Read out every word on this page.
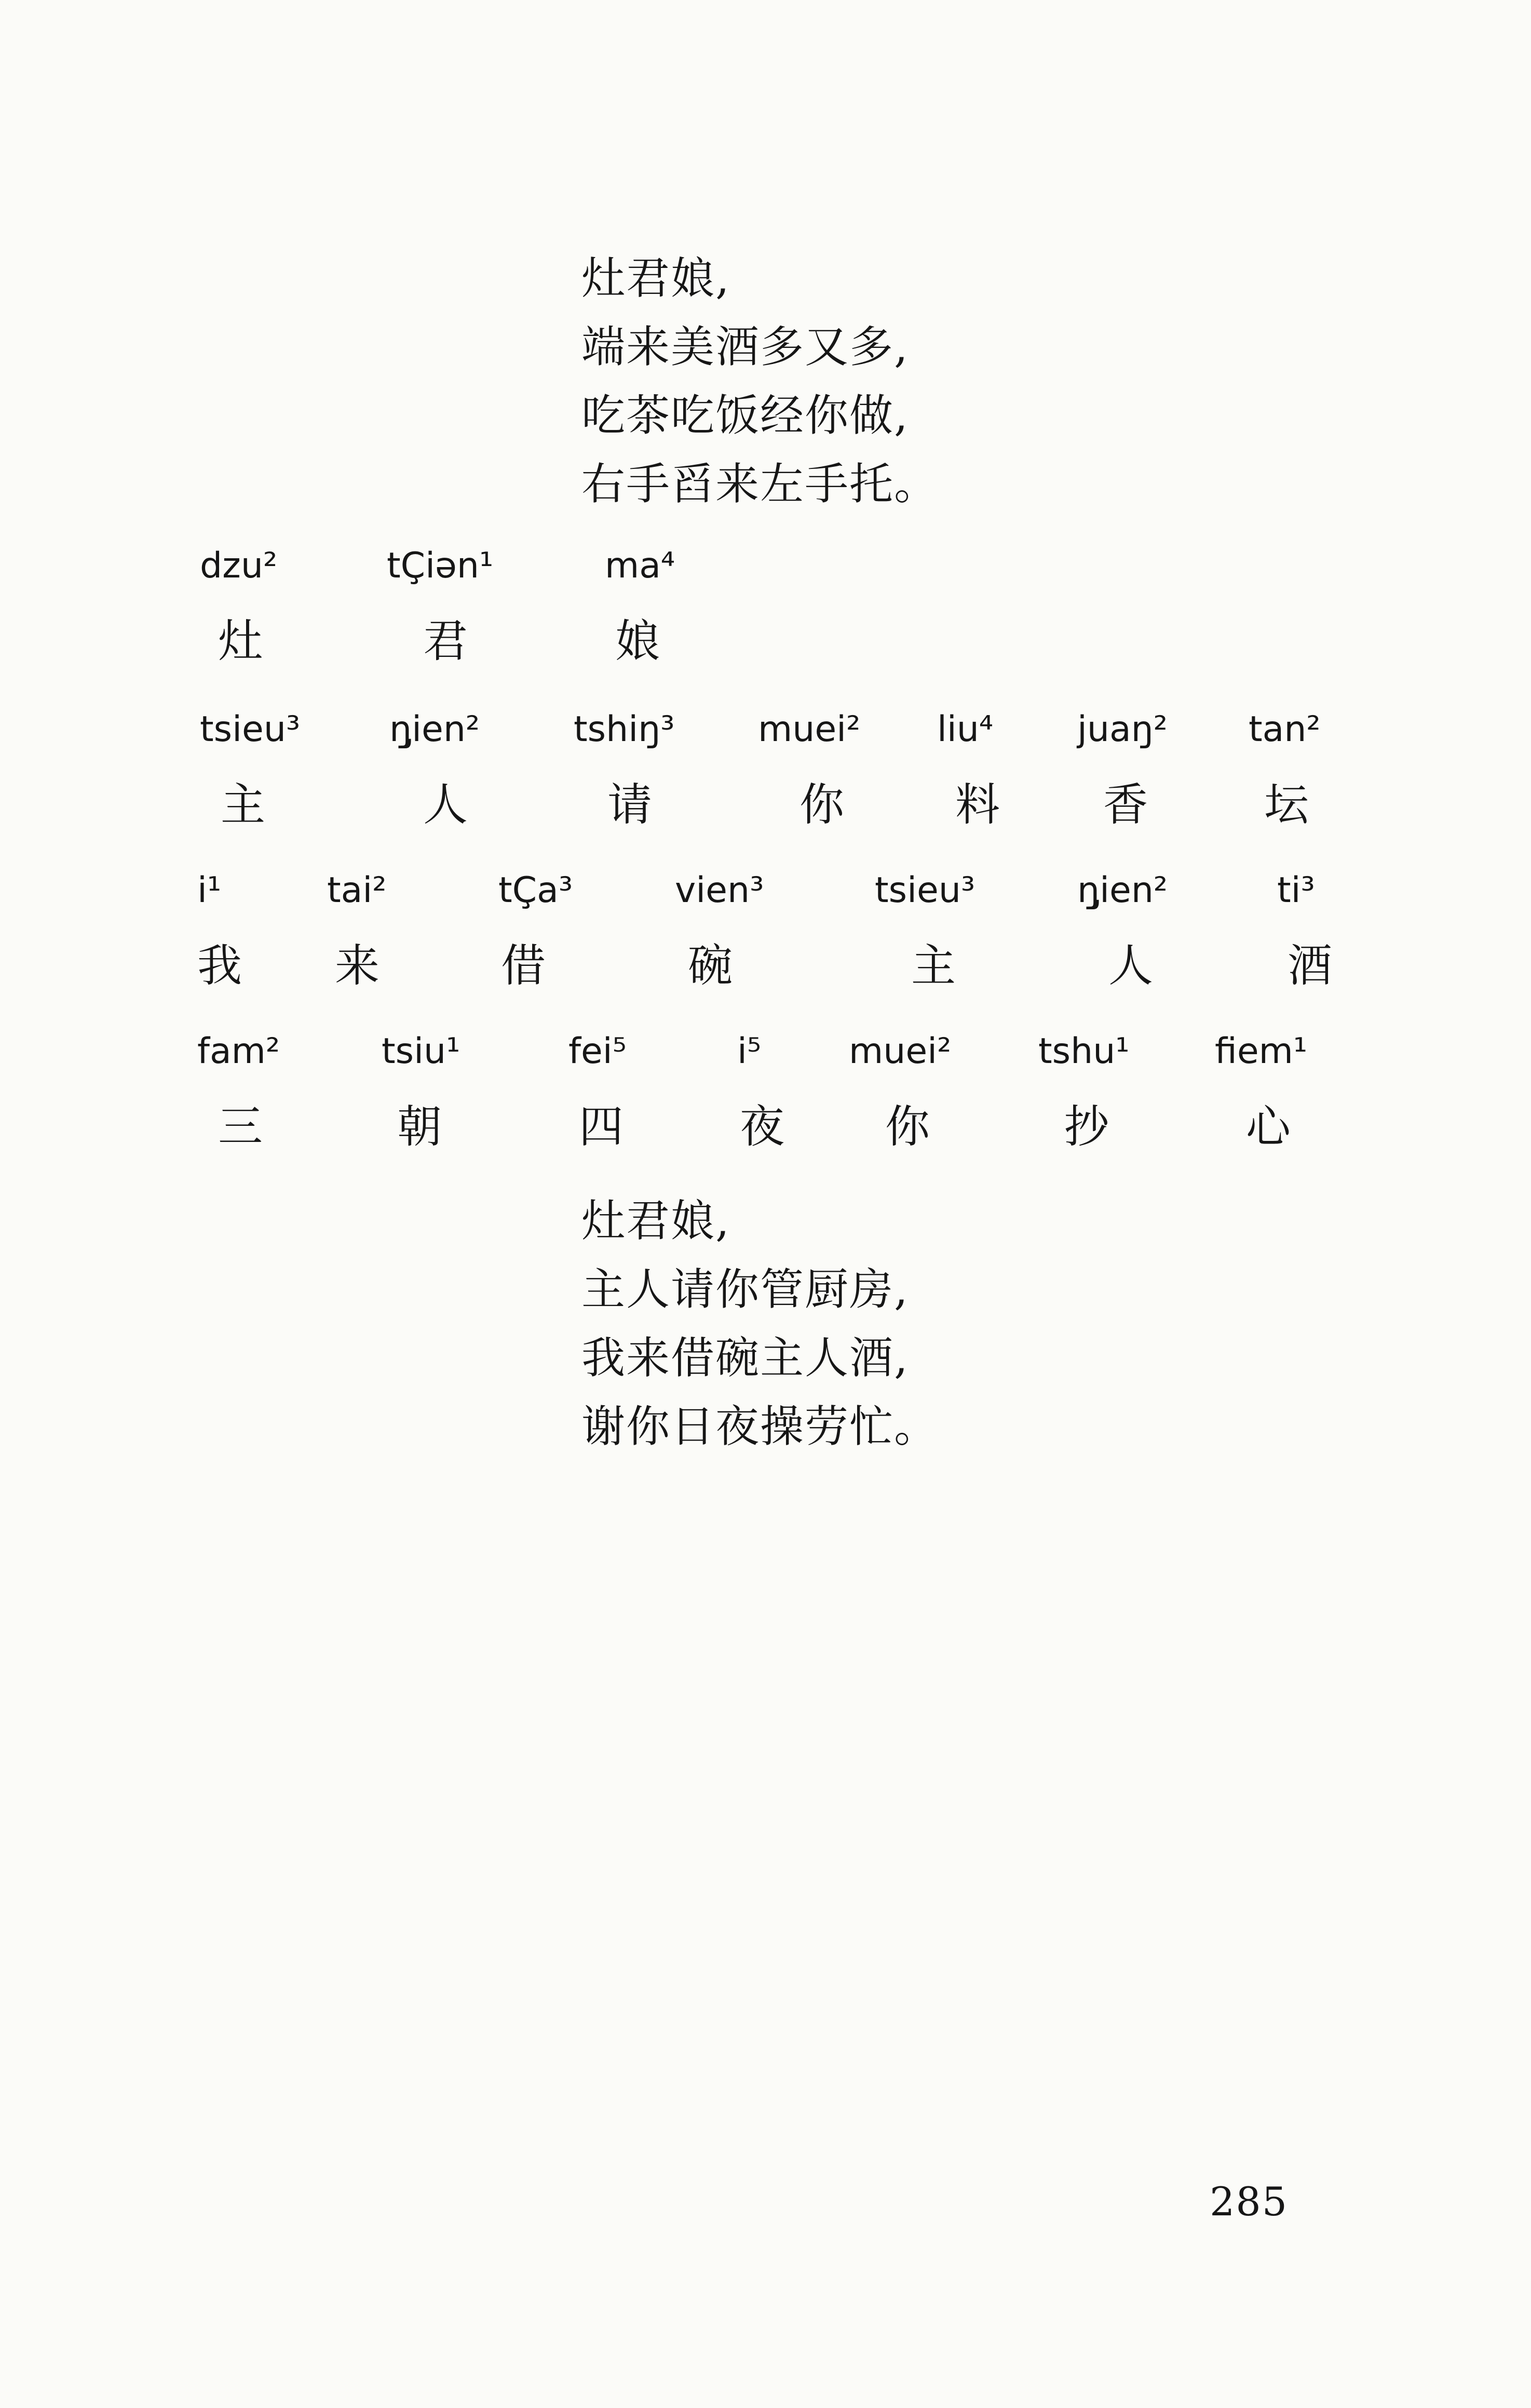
灶君娘,
端来美酒多又多,
吃茶吃饭经你做,
右手舀来左手托。
dzu²	tÇiən¹	ma⁴
灶	君	娘
tsieu³	ŋ̡ien²	tshiŋ³ muei² liu⁴ juaŋ² tan²
主	人	请	你 料 香	坛
i¹	tai²	tÇa³	vien³	tsieu³	ŋ̡ien²	ti³
我 来	借	碗	主	人	酒
fam²	tsiu¹	fei⁵	i⁵ muei² tshu¹ fiem¹
三	朝	四	夜 你	抄	心
灶君娘,
主人请你管厨房,
我来借碗主人酒,
谢你日夜操劳忙。
285
